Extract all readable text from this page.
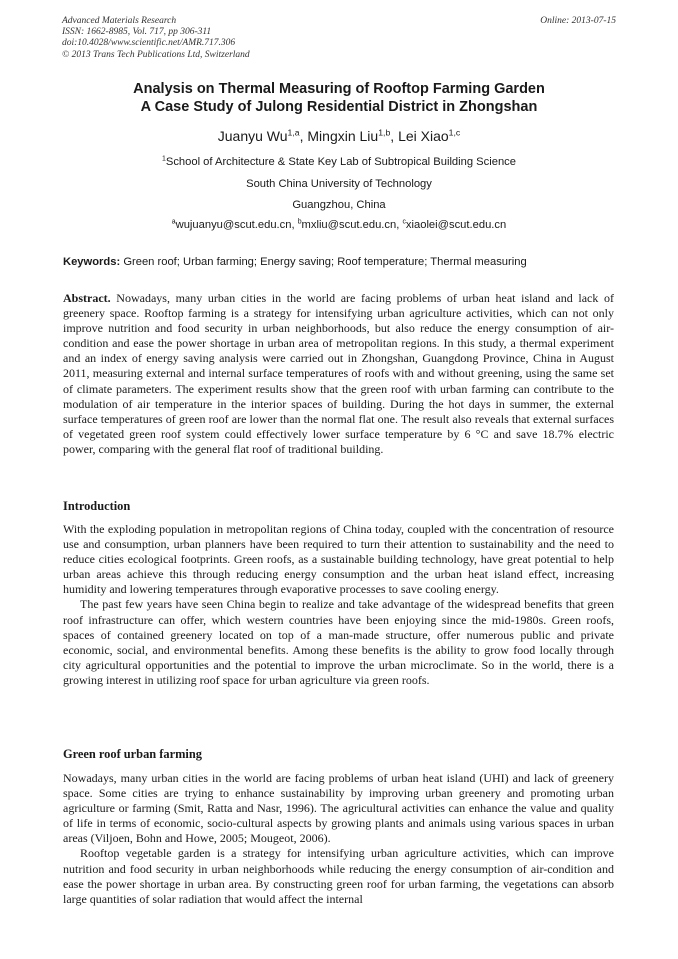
Advanced Materials Research
ISSN: 1662-8985, Vol. 717, pp 306-311
doi:10.4028/www.scientific.net/AMR.717.306
© 2013 Trans Tech Publications Ltd, Switzerland
Online: 2013-07-15
Analysis on Thermal Measuring of Rooftop Farming Garden
A Case Study of Julong Residential District in Zhongshan
Juanyu Wu$^{1,a}$, Mingxin Liu$^{1,b}$, Lei Xiao$^{1,c}$
$^1$School of Architecture & State Key Lab of Subtropical Building Science
South China University of Technology
Guangzhou, China
$^a$wujuanyu@scut.edu.cn, $^b$mxliu@scut.edu.cn, $^c$xiaolei@scut.edu.cn
Keywords: Green roof; Urban farming; Energy saving; Roof temperature; Thermal measuring

Abstract. Nowadays, many urban cities in the world are facing problems of urban heat island and lack of greenery space. Rooftop farming is a strategy for intensifying urban agriculture activities, which can not only improve nutrition and food security in urban neighborhoods, but also reduce the energy consumption of air-condition and ease the power shortage in urban area of metropolitan regions. In this study, a thermal experiment and an index of energy saving analysis were carried out in Zhongshan, Guangdong Province, China in August 2011, measuring external and internal surface temperatures of roofs with and without greening, using the same set of climate parameters. The experiment results show that the green roof with urban farming can contribute to the modulation of air temperature in the interior spaces of building. During the hot days in summer, the external surface temperatures of green roof are lower than the normal flat one. The result also reveals that external surfaces of vegetated green roof system could effectively lower surface temperature by 6 °C and save 18.7% electric power, comparing with the general flat roof of traditional building.

Introduction

With the exploding population in metropolitan regions of China today, coupled with the concentration of resource use and consumption, urban planners have been required to turn their attention to sustainability and the need to reduce cities ecological footprints. Green roofs, as a sustainable building technology, have great potential to help urban areas achieve this through reducing energy consumption and the urban heat island effect, increasing humidity and lowering temperatures through evaporative processes to save cooling energy.

The past few years have seen China begin to realize and take advantage of the widespread benefits that green roof infrastructure can offer, which western countries have been enjoying since the mid-1980s. Green roofs, spaces of contained greenery located on top of a man-made structure, offer numerous public and private economic, social, and environmental benefits. Among these benefits is the ability to grow food locally through city agricultural opportunities and the potential to improve the urban microclimate. So in the world, there is a growing interest in utilizing roof space for urban agriculture via green roofs.

Green roof urban farming

Nowadays, many urban cities in the world are facing problems of urban heat island (UHI) and lack of greenery space. Some cities are trying to enhance sustainability by improving urban greenery and promoting urban agriculture or farming (Smit, Ratta and Nasr, 1996). The agricultural activities can enhance the value and quality of life in terms of economic, socio-cultural aspects by growing plants and animals using various spaces in urban areas (Viljoen, Bohn and Howe, 2005; Mougeot, 2006).

Rooftop vegetable garden is a strategy for intensifying urban agriculture activities, which can improve nutrition and food security in urban neighborhoods while reducing the energy consumption of air-condition and ease the power shortage in urban area. By constructing green roof for urban farming, the vegetations can absorb large quantities of solar radiation that would affect the internal
